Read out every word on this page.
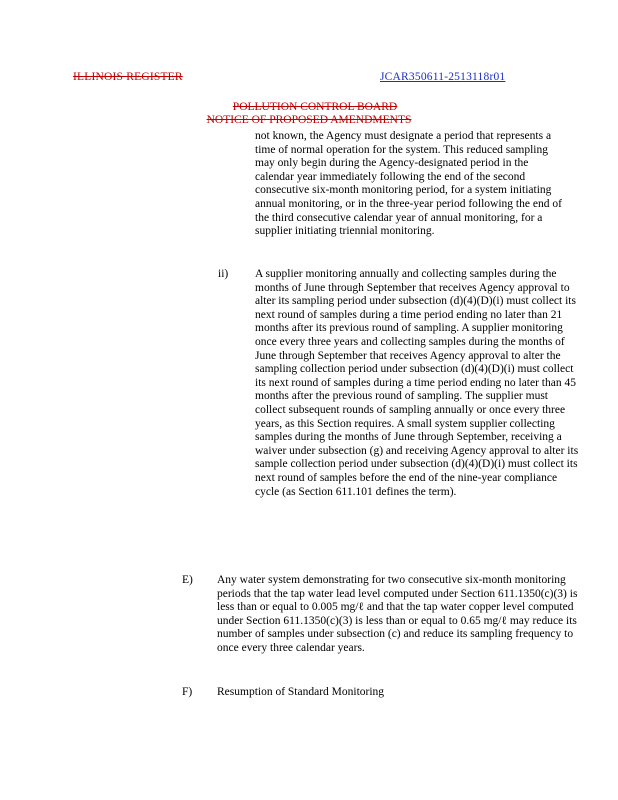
ILLINOIS REGISTER	JCAR350611-2513118r01
POLLUTION CONTROL BOARD
NOTICE OF PROPOSED AMENDMENTS

not known, the Agency must designate a period that represents a time of normal operation for the system. This reduced sampling may only begin during the Agency-designated period in the calendar year immediately following the end of the second consecutive six-month monitoring period, for a system initiating annual monitoring, or in the three-year period following the end of the third consecutive calendar year of annual monitoring, for a supplier initiating triennial monitoring.

ii) A supplier monitoring annually and collecting samples during the months of June through September that receives Agency approval to alter its sampling period under subsection (d)(4)(D)(i) must collect its next round of samples during a time period ending no later than 21 months after its previous round of sampling. A supplier monitoring once every three years and collecting samples during the months of June through September that receives Agency approval to alter the sampling collection period under subsection (d)(4)(D)(i) must collect its next round of samples during a time period ending no later than 45 months after the previous round of sampling. The supplier must collect subsequent rounds of sampling annually or once every three years, as this Section requires. A small system supplier collecting samples during the months of June through September, receiving a waiver under subsection (g) and receiving Agency approval to alter its sample collection period under subsection (d)(4)(D)(i) must collect its next round of samples before the end of the nine-year compliance cycle (as Section 611.101 defines the term).

E) Any water system demonstrating for two consecutive six-month monitoring periods that the tap water lead level computed under Section 611.1350(c)(3) is less than or equal to 0.005 mg/ℓ and that the tap water copper level computed under Section 611.1350(c)(3) is less than or equal to 0.65 mg/ℓ may reduce its number of samples under subsection (c) and reduce its sampling frequency to once every three calendar years.

F) Resumption of Standard Monitoring
